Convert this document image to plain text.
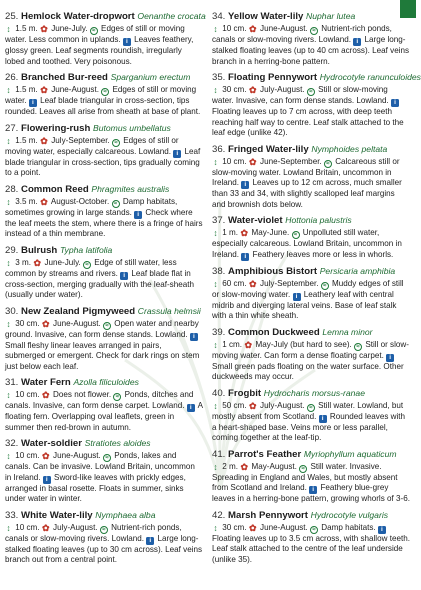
25. Hemlock Water-dropwort Oenanthe crocata
↕ 1.5 m. ✿ June-July. ≈ Edges of still or moving water. Less common in uplands. i Leaves feathery, glossy green. Leaf segments roundish, irregularly lobed and toothed. Very poisonous.
26. Branched Bur-reed Sparganium erectum
↕ 1.5 m. ✿ June-August. ≈ Edges of still or moving water. i Leaf blade triangular in cross-section, tips rounded. Leaves all arise from sheath at base of plant.
27. Flowering-rush Butomus umbellatus
↕ 1.5 m. ✿ July-September. ≈ Edges of still or moving water, especially calcareous. Lowland. i Leaf blade triangular in cross-section, tips gradually coming to a point.
28. Common Reed Phragmites australis
↕ 3.5 m. ✿ August-October. ≈ Damp habitats, sometimes growing in large stands. i Check where the leaf meets the stem, where there is a fringe of hairs instead of a thin membrane.
29. Bulrush Typha latifolia
↕ 3 m. ✿ June-July. ≈ Edge of still water, less common by streams and rivers. i Leaf blade flat in cross-section, merging gradually with the leaf-sheath (usually under water).
30. New Zealand Pigmyweed Crassula helmsii
↕ 30 cm. ✿ June-August. ≈ Open water and nearby ground. Invasive, can form dense stands. Lowland. i Small fleshy linear leaves arranged in pairs, submerged or emergent. Check for dark rings on stem just below each leaf.
31. Water Fern Azolla filiculoides
↕ 10 cm. ✿ Does not flower. ≈ Ponds, ditches and canals. Invasive, can form dense carpet. Lowland. i A floating fern. Overlapping oval leaflets, green in summer then red-brown in autumn.
32. Water-soldier Stratiotes aloides
↕ 10 cm. ✿ June-August. ≈ Ponds, lakes and canals. Can be invasive. Lowland Britain, uncommon in Ireland. i Sword-like leaves with prickly edges, arranged in basal rosette. Floats in summer, sinks under water in winter.
33. White Water-lily Nymphaea alba
↕ 10 cm. ✿ July-August. ≈ Nutrient-rich ponds, canals or slow-moving rivers. Lowland. i Large long-stalked floating leaves (up to 30 cm across). Leaf veins branch out from a central point.
34. Yellow Water-lily Nuphar lutea
↕ 10 cm. ✿ June-August. ≈ Nutrient-rich ponds, canals or slow-moving rivers. Lowland. i Large long-stalked floating leaves (up to 40 cm across). Leaf veins branch in a herring-bone pattern.
35. Floating Pennywort Hydrocotyle ranunculoides
↕ 30 cm. ✿ July-August. ≈ Still or slow-moving water. Invasive, can form dense stands. Lowland. i Floating leaves up to 7 cm across, with deep teeth reaching half way to centre. Leaf stalk attached to the leaf edge (unlike 42).
36. Fringed Water-lily Nymphoides peltata
↕ 10 cm. ✿ June-September. ≈ Calcareous still or slow-moving water. Lowland Britain, uncommon in Ireland. i Leaves up to 12 cm across, much smaller than 33 and 34, with slightly scalloped leaf margins and brownish dots below.
37. Water-violet Hottonia palustris
↕ 1 m. ✿ May-June. ≈ Unpolluted still water, especially calcareous. Lowland Britain, uncommon in Ireland. i Feathery leaves more or less in whorls.
38. Amphibious Bistort Persicaria amphibia
↕ 60 cm. ✿ July-September. ≈ Muddy edges of still or slow-moving water. i Leathery leaf with central midrib and diverging lateral veins. Base of leaf stalk with a thin white sheath.
39. Common Duckweed Lemna minor
↕ 1 cm. ✿ May-July (but hard to see). ≈ Still or slow-moving water. Can form a dense floating carpet. i Small green pads floating on the water surface. Other duckweeds may occur.
40. Frogbit Hydrocharis morsus-ranae
↕ 50 cm. ✿ July-August. ≈ Still water. Lowland, but mostly absent from Scotland. i Rounded leaves with a heart-shaped base. Veins more or less parallel, coming together at the leaf-tip.
41. Parrot's Feather Myriophyllum aquaticum
↕ 2 m. ✿ May-August. ≈ Still water. Invasive. Spreading in England and Wales, but mostly absent from Scotland and Ireland. i Feathery blue-grey leaves in a herring-bone pattern, growing whorls of 3-6.
42. Marsh Pennywort Hydrocotyle vulgaris
↕ 30 cm. ✿ June-August. ≈ Damp habitats. i Floating leaves up to 3.5 cm across, with shallow teeth. Leaf stalk attached to the centre of the leaf underside (unlike 35).
